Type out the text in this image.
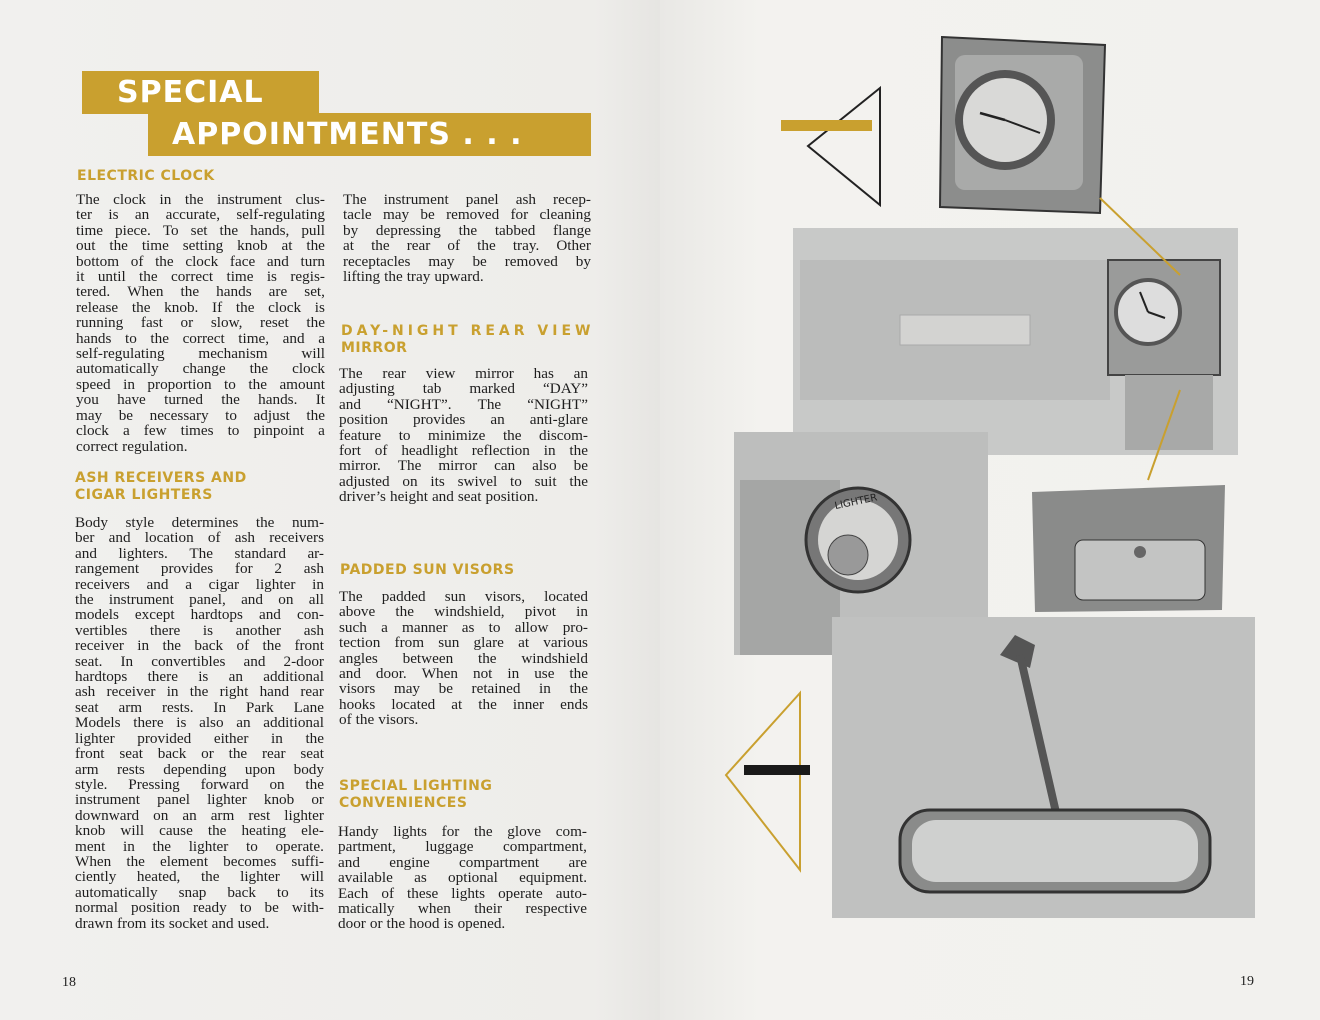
SPECIAL
APPOINTMENTS . . .
ELECTRIC CLOCK
The clock in the instrument clus-
ter is an accurate, self-regulating
time piece. To set the hands, pull
out the time setting knob at the
bottom of the clock face and turn
it until the correct time is regis-
tered. When the hands are set,
release the knob. If the clock is
running fast or slow, reset the
hands to the correct time, and a
self-regulating mechanism will
automatically change the clock
speed in proportion to the amount
you have turned the hands. It
may be necessary to adjust the
clock a few times to pinpoint a
correct regulation.
ASH RECEIVERS AND
CIGAR LIGHTERS
Body style determines the num-
ber and location of ash receivers
and lighters. The standard ar-
rangement provides for 2 ash
receivers and a cigar lighter in
the instrument panel, and on all
models except hardtops and con-
vertibles there is another ash
receiver in the back of the front
seat. In convertibles and 2-door
hardtops there is an additional
ash receiver in the right hand rear
seat arm rests. In Park Lane
Models there is also an additional
lighter provided either in the
front seat back or the rear seat
arm rests depending upon body
style. Pressing forward on the
instrument panel lighter knob or
downward on an arm rest lighter
knob will cause the heating ele-
ment in the lighter to operate.
When the element becomes suffi-
ciently heated, the lighter will
automatically snap back to its
normal position ready to be with-
drawn from its socket and used.
The instrument panel ash recep-
tacle may be removed for cleaning
by depressing the tabbed flange
at the rear of the tray. Other
receptacles may be removed by
lifting the tray upward.
DAY-NIGHT REAR VIEW
MIRROR
The rear view mirror has an
adjusting tab marked “DAY”
and “NIGHT”. The “NIGHT”
position provides an anti-glare
feature to minimize the discom-
fort of headlight reflection in the
mirror. The mirror can also be
adjusted on its swivel to suit the
driver’s height and seat position.
PADDED SUN VISORS
The padded sun visors, located
above the windshield, pivot in
such a manner as to allow pro-
tection from sun glare at various
angles between the windshield
and door. When not in use the
visors may be retained in the
hooks located at the inner ends
of the visors.
SPECIAL LIGHTING
CONVENIENCES
Handy lights for the glove com-
partment, luggage compartment,
and engine compartment are
available as optional equipment.
Each of these lights operate auto-
matically when their respective
door or the hood is opened.
18	19
LIGHTER
